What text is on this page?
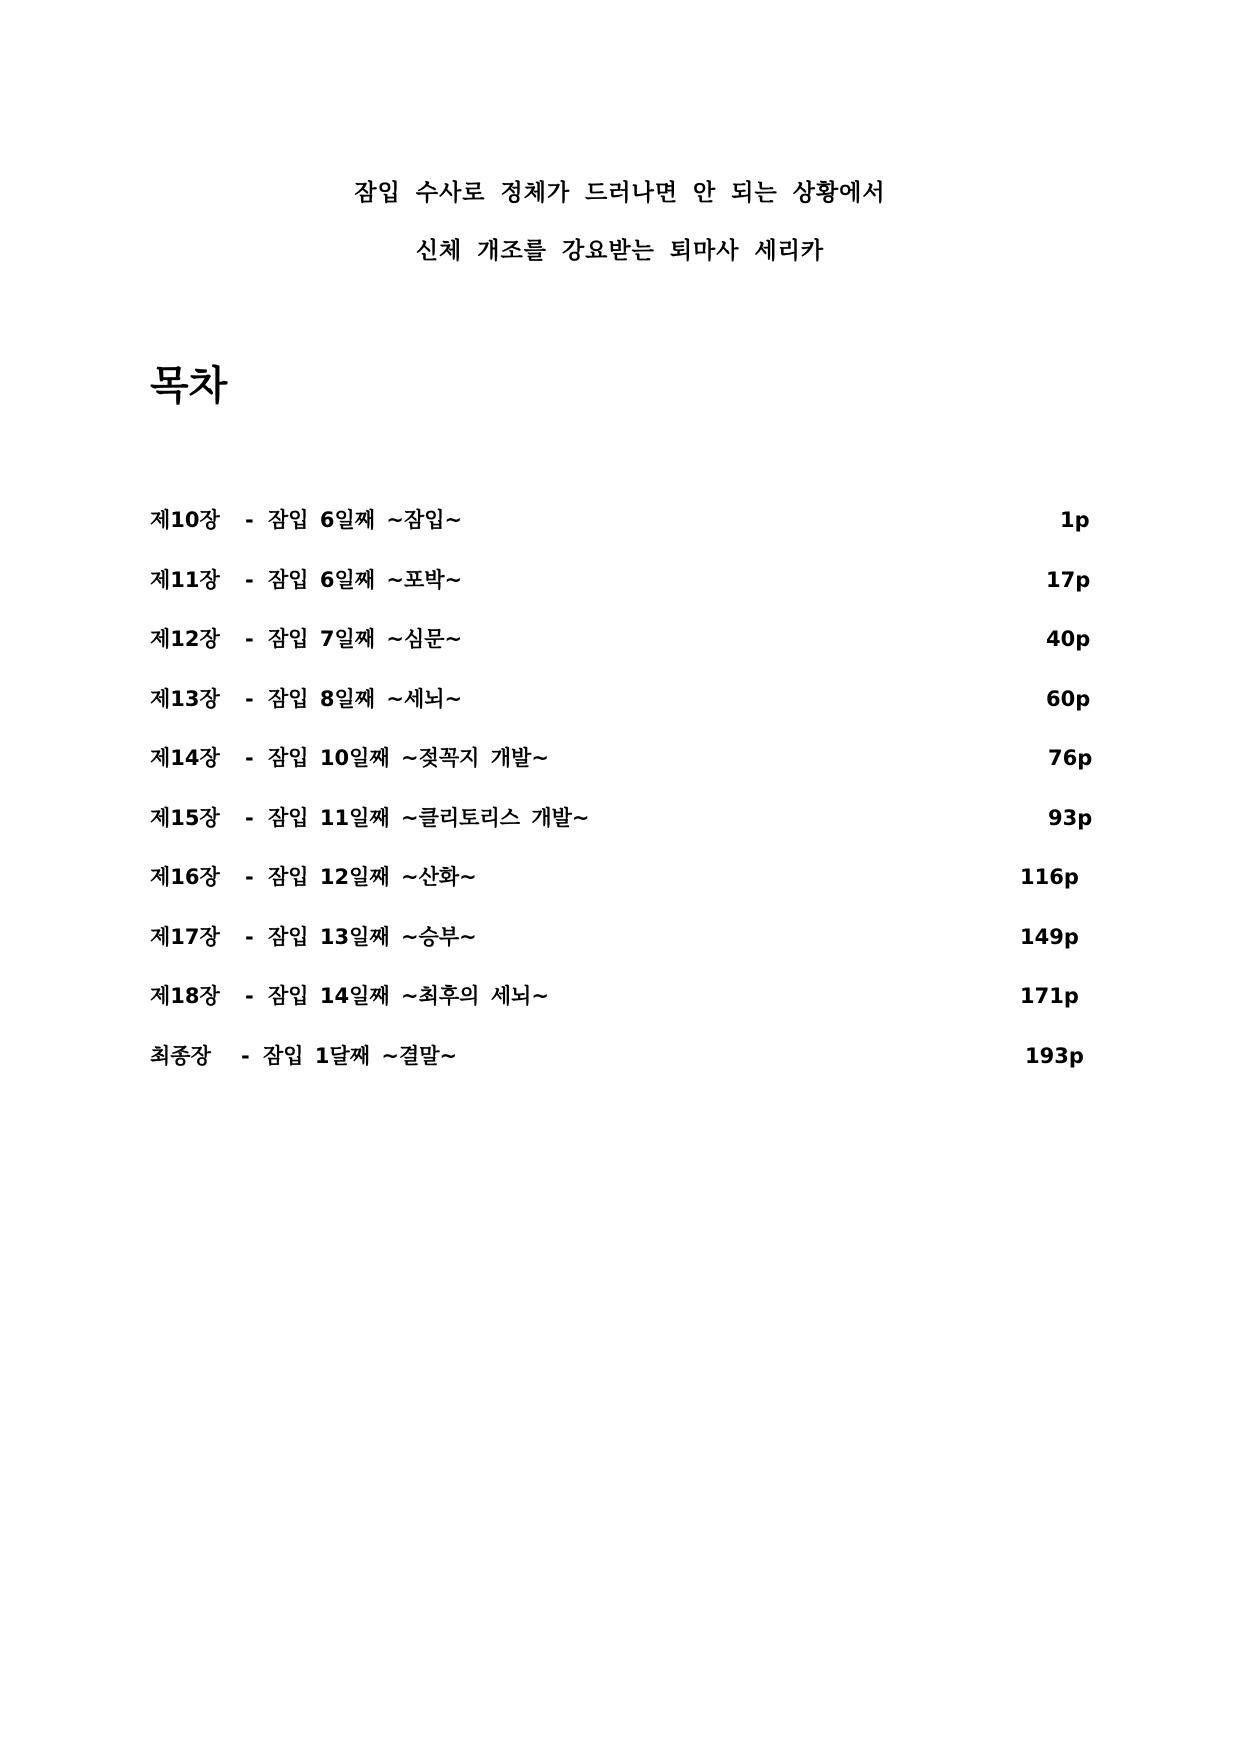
잠입 수사로 정체가 드러나면 안 되는 상황에서

신체 개조를 강요받는 퇴마사 세리카

목차
제10장 - 잠입 6일째 ~잠입~	1p
제11장 - 잠입 6일째 ~포박~	17p
제12장 - 잠입 7일째 ~심문~	40p
제13장 - 잠입 8일째 ~세뇌~	60p
제14장 - 잠입 10일째 ~젖꼭지 개발~	76p
제15장 - 잠입 11일째 ~클리토리스 개발~	93p
제16장 - 잠입 12일째 ~산화~	116p
제17장 - 잠입 13일째 ~승부~	149p
제18장 - 잠입 14일째 ~최후의 세뇌~	171p
최종장 - 잠입 1달째 ~결말~	193p
